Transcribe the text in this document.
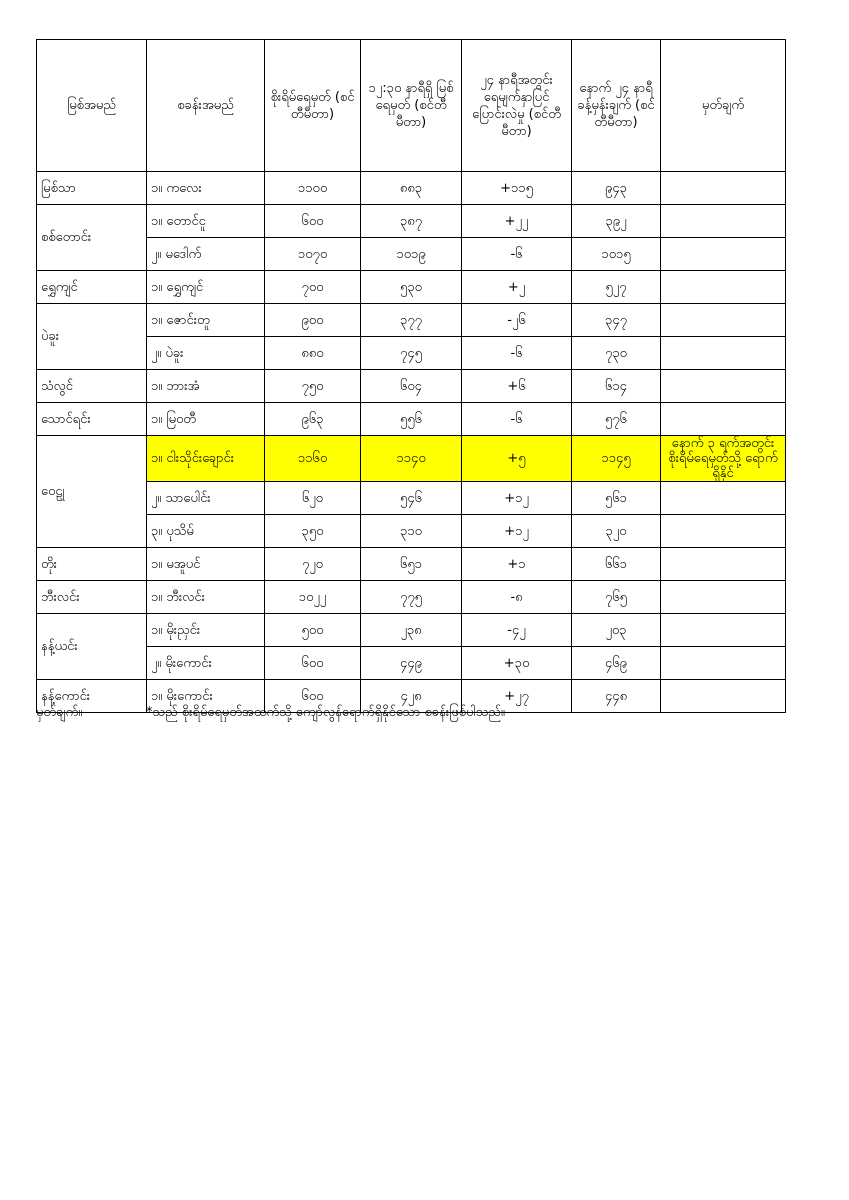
မြစ်အမည်	စခန်းအမည်	စိုးရိမ်ရေမှတ် (စင်တီမီတာ)	၁၂:၃၀ နာရီရှိ မြစ်ရေမှတ် (စင်တီမီတာ)	၂၄ နာရီအတွင်း ရေမျက်နှာပြင် ပြောင်းလဲမှု (စင်တီမီတာ)	နောက် ၂၄ နာရီ ခန့်မှန်းချက် (စင်တီမီတာ)	မှတ်ချက်
မြစ်သာ	၁။ ကလေး	၁၁၀၀	၈၈၃	+၁၁၅	၉၄၃	
စစ်တောင်း	၁။ တောင်ငူ	၆၀၀	၃၈၇	+၂၂	၃၉၂	
	၂။ မဒေါက်	၁၀၇၀	၁၀၁၉	-၆	၁၀၁၅	
ရွှေကျင်	၁။ ရွှေကျင်	၇၀၀	၅၃၀	+၂	၅၂၇	
ပဲခူး	၁။ ဇောင်းတူ	၉၀၀	၃၇၇	-၂၆	၃၄၇	
	၂။ ပဲခူး	၈၈၀	၇၄၅	-၆	၇၃၀	
သံလွင်	၁။ ဘားအံ	၇၅၀	၆၀၄	+၆	၆၁၄	
သောင်ရင်း	၁။ မြဝတီ	၉၆၃	၅၅၆	-၆	၅၇၆	
ဝေ​ဠု	၁။ ငါးသိုင်းချောင်း	၁၁၆၀	၁၁၄၀	+၅	၁၁၄၅	နောက် ၃ ရက်အတွင်း စိုးရိမ်ရေမှတ်သို့ ရောက်ရှိနိုင်
	၂။ သာပေါင်း	၆၂၀	၅၄၆	+၁၂	၅၆၁	
	၃။ ပုသိမ်	၃၅၀	၃၁၀	+၁၂	၃၂၀	
တိုး	၁။ မအူပင်	၇၂၀	၆၅၁	+၁	၆၆၁	
ဘီးလင်း	၁။ ဘီးလင်း	၁၀၂၂	၇၇၅	-၈	၇၆၅	
နန့်ယင်း	၁။ မိုးညှင်း	၅၀၀	၂၃၈	-၄၂	၂၀၃	
	၂။ မိုးကောင်း	၆၀၀	၄၄၉	+၃၀	၄၆၉	
နန့်ကောင်း	၁။ မိုးကောင်း	၆၀၀	၄၂၈	+၂၇	၄၄၈	
မှတ်ချက်။	*သည် စိုးရိမ်ရေမှတ်အထက်သို့ ကျော်လွန်ရောက်ရှိနိုင်သော စခန်းဖြစ်ပါသည်။
